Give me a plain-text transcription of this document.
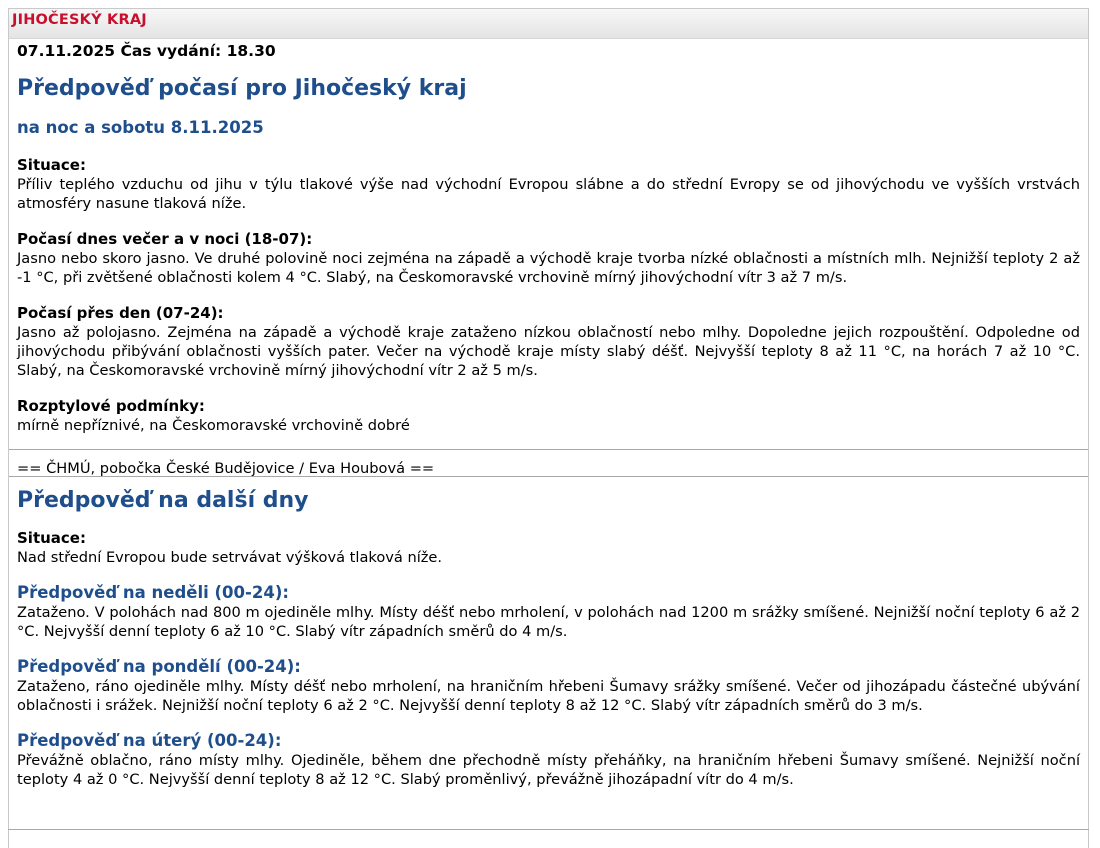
JIHOČESKÝ KRAJ
07.11.2025 Čas vydání: 18.30
Předpověď počasí pro Jihočeský kraj
na noc a sobotu 8.11.2025
Situace:
Příliv teplého vzduchu od jihu v týlu tlakové výše nad východní Evropou slábne a do střední Evropy se od jihovýchodu ve vyšších vrstvách atmosféry nasune tlaková níže.
Počasí dnes večer a v noci (18-07):
Jasno nebo skoro jasno. Ve druhé polovině noci zejména na západě a východě kraje tvorba nízké oblačnosti a místních mlh. Nejnižší teploty 2 až -1 °C, při zvětšené oblačnosti kolem 4 °C. Slabý, na Českomoravské vrchovině mírný jihovýchodní vítr 3 až 7 m/s.
Počasí přes den (07-24):
Jasno až polojasno. Zejména na západě a východě kraje zataženo nízkou oblačností nebo mlhy. Dopoledne jejich rozpouštění. Odpoledne od jihovýchodu přibývání oblačnosti vyšších pater. Večer na východě kraje místy slabý déšť. Nejvyšší teploty 8 až 11 °C, na horách 7 až 10 °C. Slabý, na Českomoravské vrchovině mírný jihovýchodní vítr 2 až 5 m/s.
Rozptylové podmínky:
mírně nepříznivé, na Českomoravské vrchovině dobré
== ČHMÚ, pobočka České Budějovice / Eva Houbová ==
Předpověď na další dny
Situace:
Nad střední Evropou bude setrvávat výšková tlaková níže.
Předpověď na neděli (00-24):
Zataženo. V polohách nad 800 m ojediněle mlhy. Místy déšť nebo mrholení, v polohách nad 1200 m srážky smíšené. Nejnižší noční teploty 6 až 2 °C. Nejvyšší denní teploty 6 až 10 °C. Slabý vítr západních směrů do 4 m/s.
Předpověď na pondělí (00-24):
Zataženo, ráno ojediněle mlhy. Místy déšť nebo mrholení, na hraničním hřebeni Šumavy srážky smíšené. Večer od jihozápadu částečné ubývání oblačnosti i srážek. Nejnižší noční teploty 6 až 2 °C. Nejvyšší denní teploty 8 až 12 °C. Slabý vítr západních směrů do 3 m/s.
Předpověď na úterý (00-24):
Převážně oblačno, ráno místy mlhy. Ojediněle, během dne přechodně místy přeháňky, na hraničním hřebeni Šumavy smíšené. Nejnižší noční teploty 4 až 0 °C. Nejvyšší denní teploty 8 až 12 °C. Slabý proměnlivý, převážně jihozápadní vítr do 4 m/s.
